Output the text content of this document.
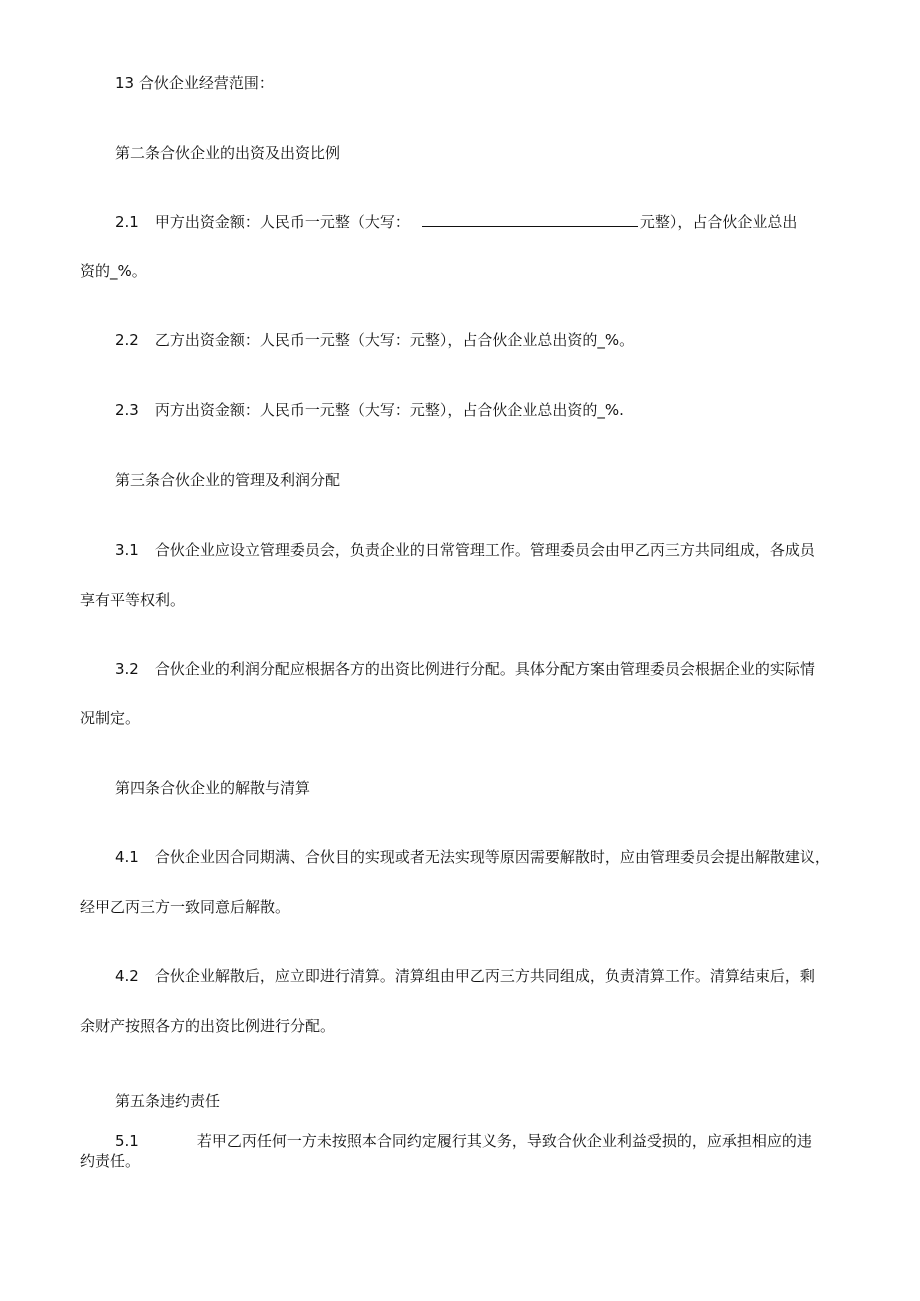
13 合伙企业经营范围：
第二条合伙企业的出资及出资比例
2.1 甲方出资金额：人民币一元整（大写：	元整），占合伙企业总出
资的_%。
2.2 乙方出资金额：人民币一元整（大写：元整），占合伙企业总出资的_%。
2.3 丙方出资金额：人民币一元整（大写：元整），占合伙企业总出资的_%.
第三条合伙企业的管理及利润分配
3.1 合伙企业应设立管理委员会，负责企业的日常管理工作。管理委员会由甲乙丙三方共同组成，各成员
享有平等权利。
3.2 合伙企业的利润分配应根据各方的出资比例进行分配。具体分配方案由管理委员会根据企业的实际情
况制定。
第四条合伙企业的解散与清算
4.1 合伙企业因合同期满、合伙目的实现或者无法实现等原因需要解散时，应由管理委员会提出解散建议，
经甲乙丙三方一致同意后解散。
4.2 合伙企业解散后，应立即进行清算。清算组由甲乙丙三方共同组成，负责清算工作。清算结束后，剩
余财产按照各方的出资比例进行分配。
第五条违约责任
5.1	若甲乙丙任何一方未按照本合同约定履行其义务，导致合伙企业利益受损的，应承担相应的违
约责任。
